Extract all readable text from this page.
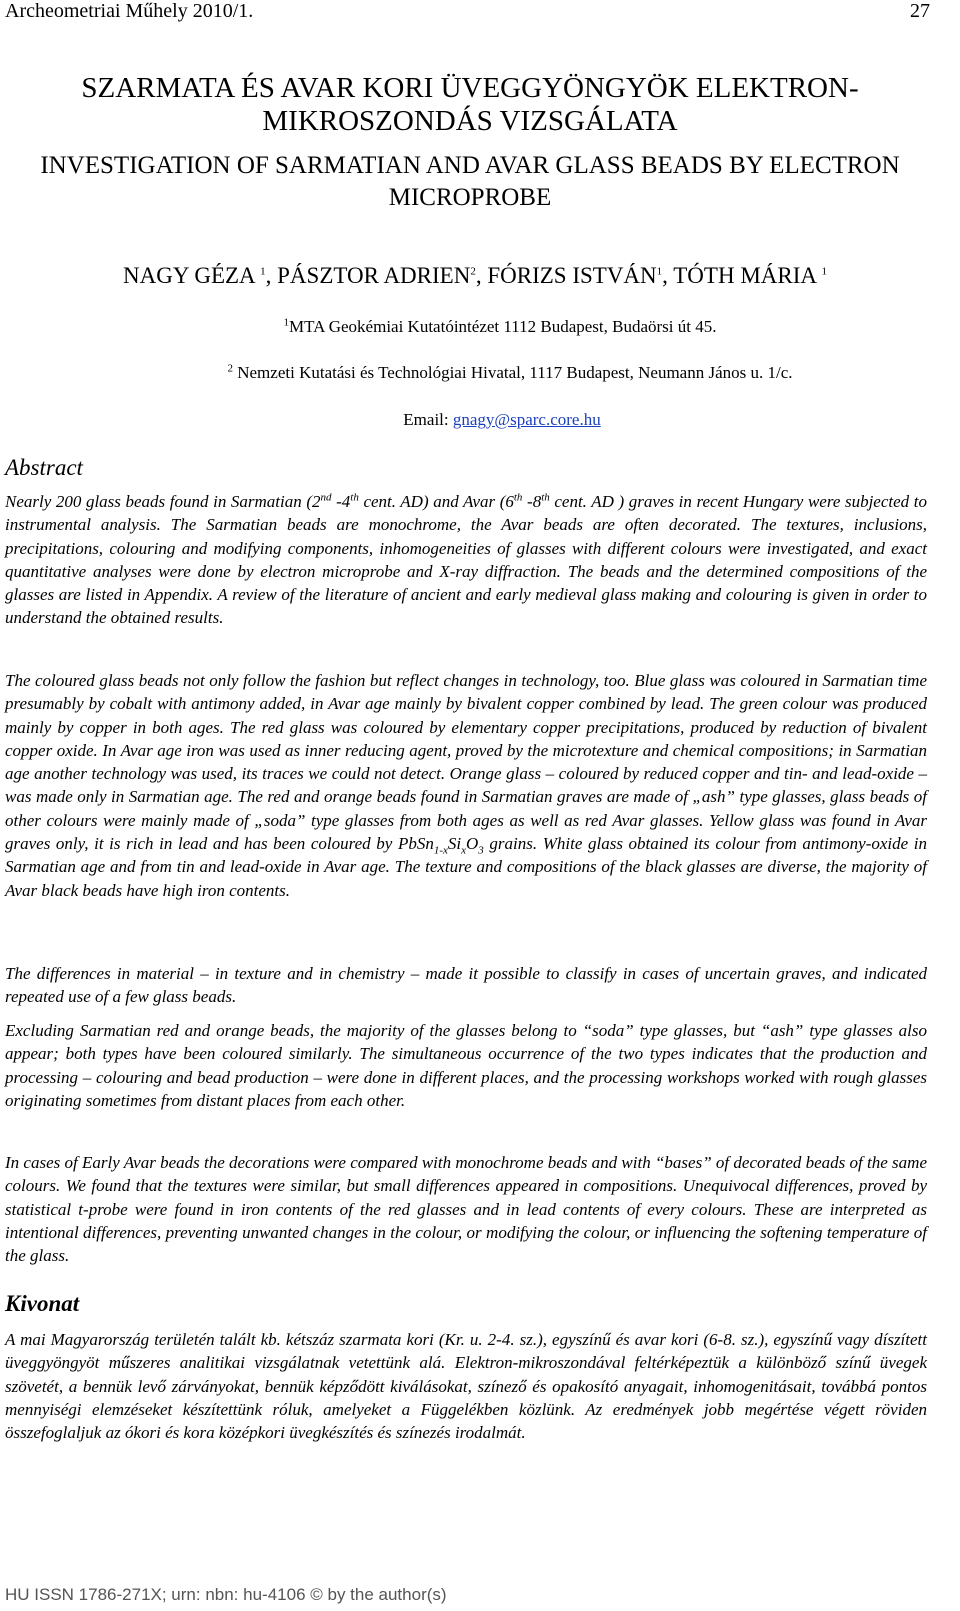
Archeometriai Műhely 2010/1.	27
SZARMATA ÉS AVAR KORI ÜVEGGYÖNGYÖK ELEKTRON-
MIKROSZONDÁS VIZSGÁLATA
INVESTIGATION OF SARMATIAN AND AVAR GLASS BEADS BY ELECTRON
MICROPROBE
NAGY GÉZA $^1$, PÁSZTOR ADRIEN$^2$, FÓRIZS ISTVÁN$^1$, TÓTH MÁRIA $^1$
$^1$MTA Geokémiai Kutatóintézet 1112 Budapest, Budaörsi út 45.
$^2$ Nemzeti Kutatási és Technológiai Hivatal, 1117 Budapest, Neumann János u. 1/c.
Email: gnagy@sparc.core.hu
Abstract

Nearly 200 glass beads found in Sarmatian (2nd -4th cent. AD) and Avar (6th -8th cent. AD ) graves in recent Hungary were subjected to instrumental analysis. The Sarmatian beads are monochrome, the Avar beads are often decorated. The textures, inclusions, precipitations, colouring and modifying components, inhomogeneities of glasses with different colours were investigated, and exact quantitative analyses were done by electron microprobe and X-ray diffraction. The beads and the determined compositions of the glasses are listed in Appendix. A review of the literature of ancient and early medieval glass making and colouring is given in order to understand the obtained results.

The coloured glass beads not only follow the fashion but reflect changes in technology, too. Blue glass was coloured in Sarmatian time presumably by cobalt with antimony added, in Avar age mainly by bivalent copper combined by lead. The green colour was produced mainly by copper in both ages. The red glass was coloured by elementary copper precipitations, produced by reduction of bivalent copper oxide. In Avar age iron was used as inner reducing agent, proved by the microtexture and chemical compositions; in Sarmatian age another technology was used, its traces we could not detect. Orange glass – coloured by reduced copper and tin- and lead-oxide – was made only in Sarmatian age. The red and orange beads found in Sarmatian graves are made of „ash” type glasses, glass beads of other colours were mainly made of „soda” type glasses from both ages as well as red Avar glasses. Yellow glass was found in Avar graves only, it is rich in lead and has been coloured by $PbSn_{1-x}Si_xO_3$ grains. White glass obtained its colour from antimony-oxide in Sarmatian age and from tin and lead-oxide in Avar age. The texture and compositions of the black glasses are diverse, the majority of Avar black beads have high iron contents.

The differences in material – in texture and in chemistry – made it possible to classify in cases of uncertain graves, and indicated repeated use of a few glass beads.

Excluding Sarmatian red and orange beads, the majority of the glasses belong to “soda” type glasses, but “ash” type glasses also appear; both types have been coloured similarly. The simultaneous occurrence of the two types indicates that the production and processing – colouring and bead production – were done in different places, and the processing workshops worked with rough glasses originating sometimes from distant places from each other.

In cases of Early Avar beads the decorations were compared with monochrome beads and with “bases” of decorated beads of the same colours. We found that the textures were similar, but small differences appeared in compositions. Unequivocal differences, proved by statistical t-probe were found in iron contents of the red glasses and in lead contents of every colours. These are interpreted as intentional differences, preventing unwanted changes in the colour, or modifying the colour, or influencing the softening temperature of the glass.

Kivonat

A mai Magyarország területén talált kb. kétszáz szarmata kori (Kr. u. 2-4. sz.), egyszínű és avar kori (6-8. sz.), egyszínű vagy díszített üveggyöngyöt műszeres analitikai vizsgálatnak vetettünk alá. Elektron-mikroszondával feltérképeztük a különböző színű üvegek szövetét, a bennük levő zárványokat, bennük képződött kiválásokat, színező és opakosító anyagait, inhomogenitásait, továbbá pontos mennyiségi elemzéseket készítettünk róluk, amelyeket a Függelékben közlünk. Az eredmények jobb megértése végett röviden összefoglaljuk az ókori és kora középkori üvegkészítés és színezés irodalmát.

HU ISSN 1786-271X; urn: nbn: hu-4106 © by the author(s)
